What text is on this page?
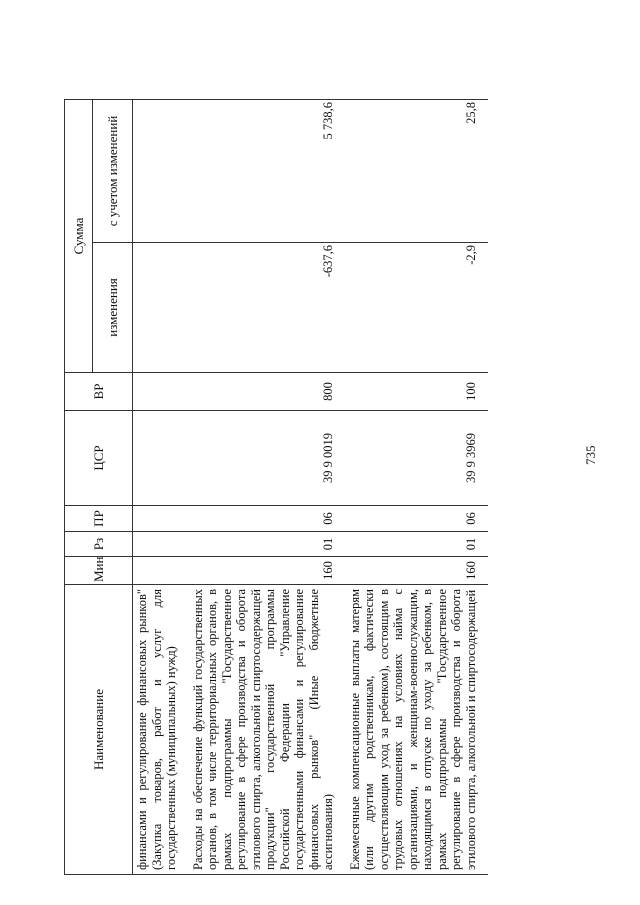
735
Наименование	Мин	Рз	ПР	ЦСР	ВР	Сумма	
						изменения	с учетом изменений
финансами и регулирование финансовых рынков" (Закупка товаров, работ и услуг для государственных (муниципальных) нужд)							
Расходы на обеспечение функций государственных органов, в том числе территориальных органов, в рамках подпрограммы "Государственное регулирование в сфере производства и оборота этилового спирта, алкогольной и спиртосодержащей продукции" государственной программы Российской Федерации "Управление государственными финансами и регулирование финансовых рынков" (Иные бюджетные ассигнования)	160	01	06	39 9 0019	800	-637,6	5 738,6
Ежемесячные компенсационные выплаты матерям (или другим родственникам, фактически осуществляющим уход за ребенком), состоящим в трудовых отношениях на условиях найма с организациями, и женщинам-военнослужащим, находящимся в отпуске по уходу за ребенком, в рамках подпрограммы "Государственное регулирование в сфере производства и оборота этилового спирта, алкогольной и спиртосодержащей	160	01	06	39 9 3969	100	-2,9	25,8
